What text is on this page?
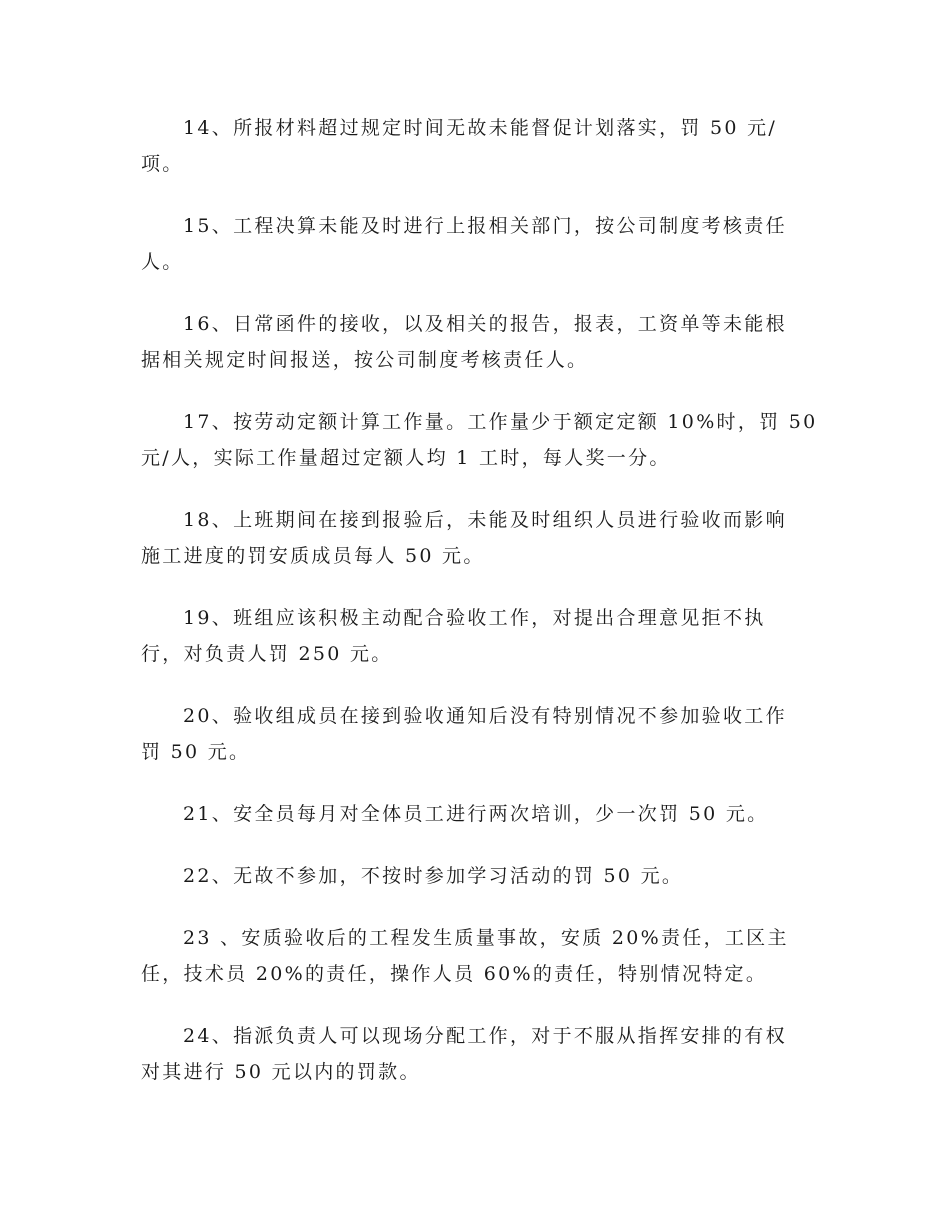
14、所报材料超过规定时间无故未能督促计划落实，罚 50 元/
项。

15、工程决算未能及时进行上报相关部门，按公司制度考核责任
人。

16、日常函件的接收，以及相关的报告，报表，工资单等未能根
据相关规定时间报送，按公司制度考核责任人。

17、按劳动定额计算工作量。工作量少于额定定额 10%时，罚 50
元/人，实际工作量超过定额人均 1 工时，每人奖一分。

18、上班期间在接到报验后，未能及时组织人员进行验收而影响
施工进度的罚安质成员每人 50 元。

19、班组应该积极主动配合验收工作，对提出合理意见拒不执
行，对负责人罚 250 元。

20、验收组成员在接到验收通知后没有特别情况不参加验收工作
罚 50 元。

21、安全员每月对全体员工进行两次培训，少一次罚 50 元。

22、无故不参加，不按时参加学习活动的罚 50 元。

23 、安质验收后的工程发生质量事故，安质 20%责任，工区主
任，技术员 20%的责任，操作人员 60%的责任，特别情况特定。

24、指派负责人可以现场分配工作，对于不服从指挥安排的有权
对其进行 50 元以内的罚款。
